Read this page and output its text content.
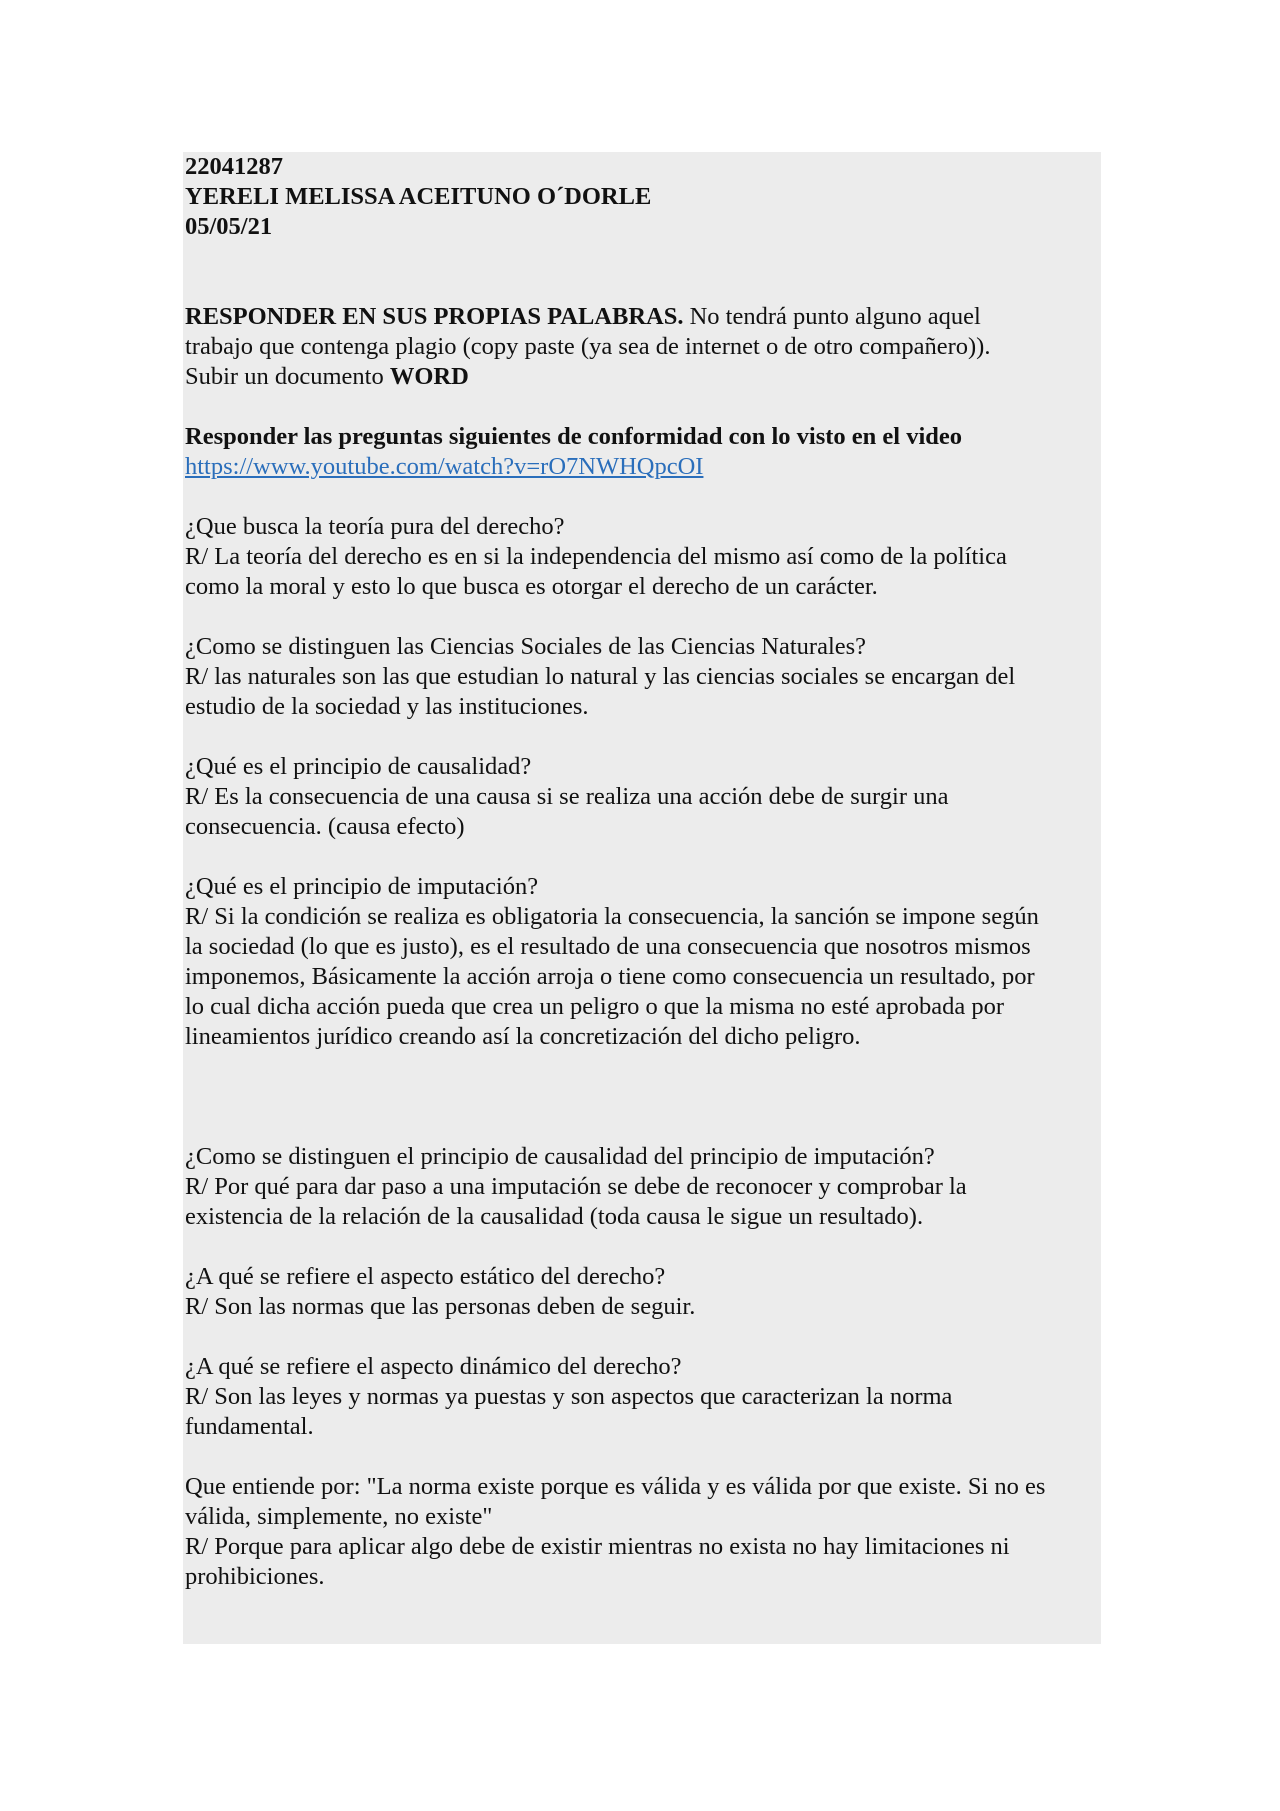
22041287
YERELI MELISSA ACEITUNO O´DORLE
05/05/21
RESPONDER EN SUS PROPIAS PALABRAS. No tendrá punto alguno aquel
trabajo que contenga plagio (copy paste (ya sea de internet o de otro compañero)).
Subir un documento WORD
Responder las preguntas siguientes de conformidad con lo visto en el video
https://www.youtube.com/watch?v=rO7NWHQpcOI
¿Que busca la teoría pura del derecho?
R/ La teoría del derecho es en si la independencia del mismo así como de la política
como la moral y esto lo que busca es otorgar el derecho de un carácter.
¿Como se distinguen las Ciencias Sociales de las Ciencias Naturales?
R/ las naturales son las que estudian lo natural y las ciencias sociales se encargan del
estudio de la sociedad y las instituciones.
¿Qué es el principio de causalidad?
R/ Es la consecuencia de una causa si se realiza una acción debe de surgir una
consecuencia. (causa efecto)
¿Qué es el principio de imputación?
R/ Si la condición se realiza es obligatoria la consecuencia, la sanción se impone según
la sociedad (lo que es justo), es el resultado de una consecuencia que nosotros mismos
imponemos, Básicamente la acción arroja o tiene como consecuencia un resultado, por
lo cual dicha acción pueda que crea un peligro o que la misma no esté aprobada por
lineamientos jurídico creando así la concretización del dicho peligro.
¿Como se distinguen el principio de causalidad del principio de imputación?
R/ Por qué para dar paso a una imputación se debe de reconocer y comprobar la
existencia de la relación de la causalidad (toda causa le sigue un resultado).
¿A qué se refiere el aspecto estático del derecho?
R/ Son las normas que las personas deben de seguir.
¿A qué se refiere el aspecto dinámico del derecho?
R/ Son las leyes y normas ya puestas y son aspectos que caracterizan la norma
fundamental.
Que entiende por: "La norma existe porque es válida y es válida por que existe. Si no es
válida, simplemente, no existe"
R/ Porque para aplicar algo debe de existir mientras no exista no hay limitaciones ni
prohibiciones.
